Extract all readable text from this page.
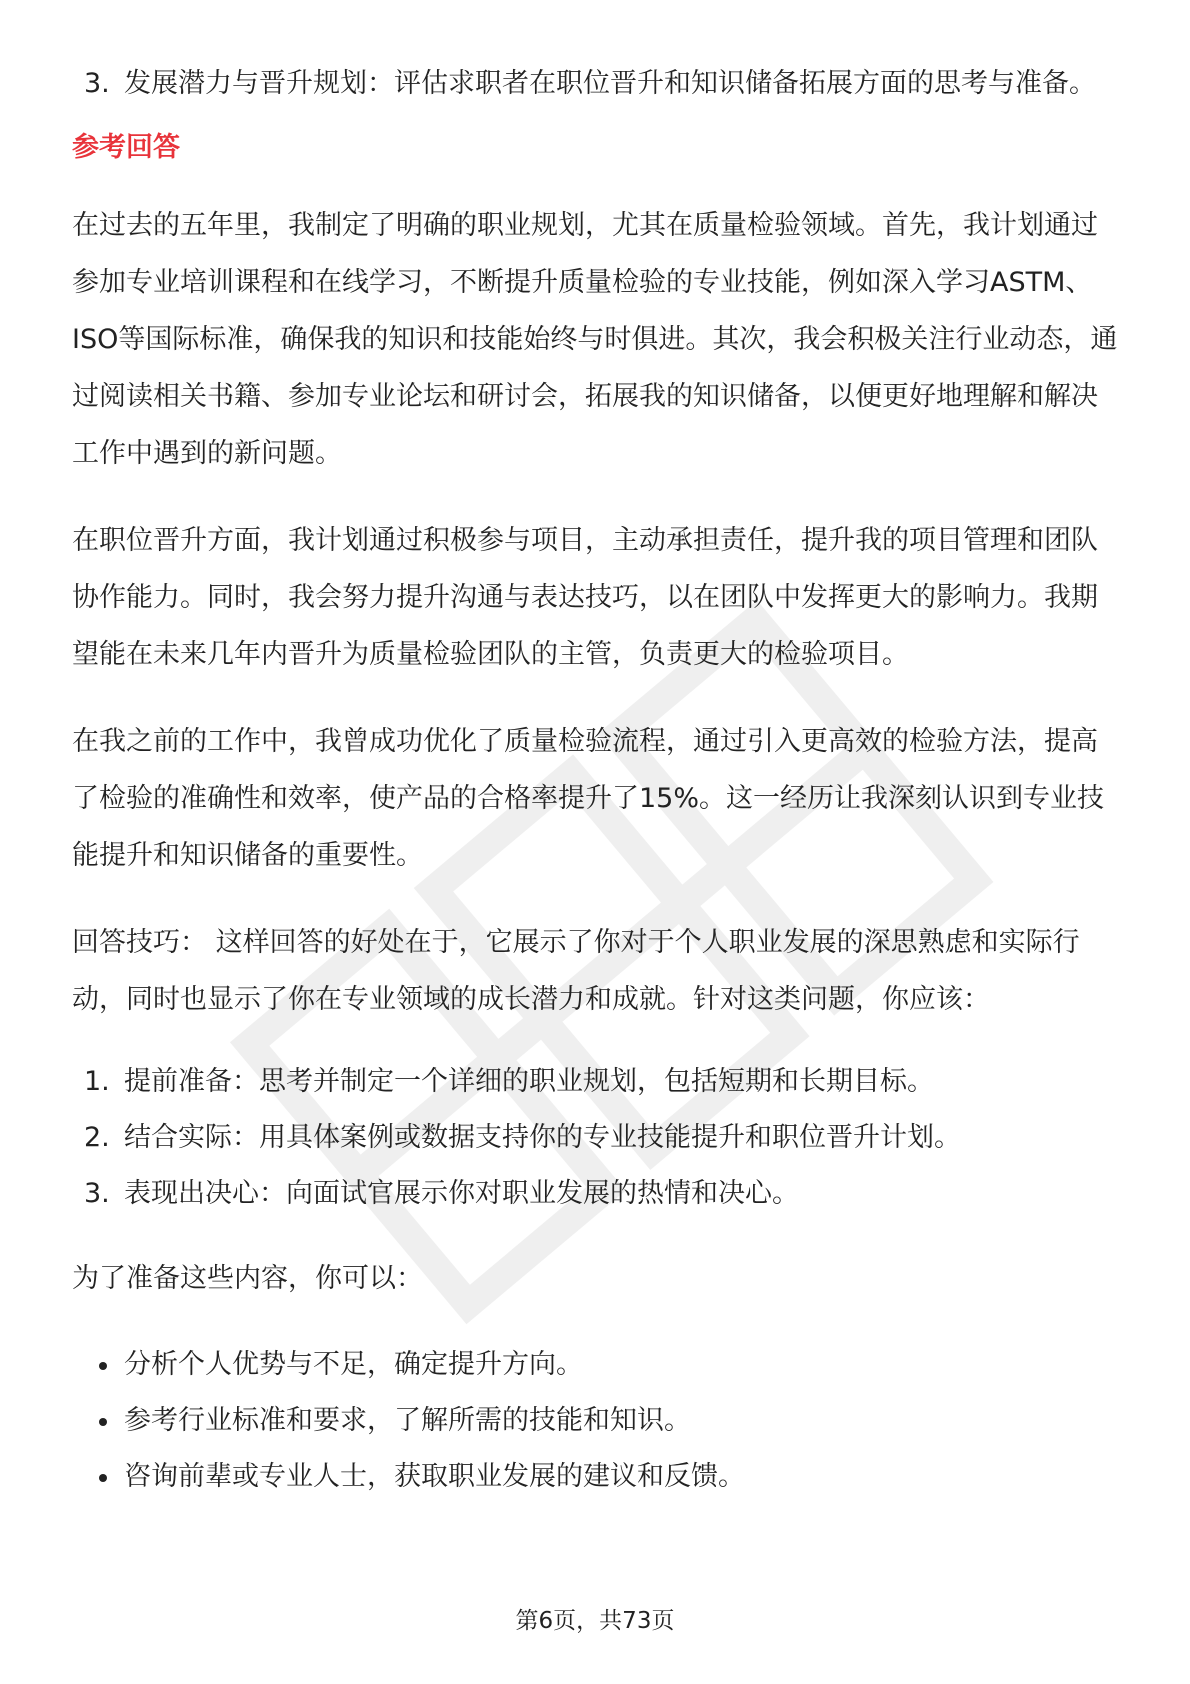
3. 发展潜力与晋升规划：评估求职者在职位晋升和知识储备拓展方面的思考与准备。
参考回答

在过去的五年里，我制定了明确的职业规划，尤其在质量检验领域。首先，我计划通过参加专业培训课程和在线学习，不断提升质量检验的专业技能，例如深入学习ASTM、ISO等国际标准，确保我的知识和技能始终与时俱进。其次，我会积极关注行业动态，通过阅读相关书籍、参加专业论坛和研讨会，拓展我的知识储备，以便更好地理解和解决工作中遇到的新问题。

在职位晋升方面，我计划通过积极参与项目，主动承担责任，提升我的项目管理和团队协作能力。同时，我会努力提升沟通与表达技巧，以在团队中发挥更大的影响力。我期望能在未来几年内晋升为质量检验团队的主管，负责更大的检验项目。

在我之前的工作中，我曾成功优化了质量检验流程，通过引入更高效的检验方法，提高了检验的准确性和效率，使产品的合格率提升了15%。这一经历让我深刻认识到专业技能提升和知识储备的重要性。

回答技巧： 这样回答的好处在于，它展示了你对于个人职业发展的深思熟虑和实际行动，同时也显示了你在专业领域的成长潜力和成就。针对这类问题，你应该：

1. 提前准备：思考并制定一个详细的职业规划，包括短期和长期目标。
2. 结合实际：用具体案例或数据支持你的专业技能提升和职位晋升计划。
3. 表现出决心：向面试官展示你对职业发展的热情和决心。

为了准备这些内容，你可以：

分析个人优势与不足，确定提升方向。
参考行业标准和要求，了解所需的技能和知识。
咨询前辈或专业人士，获取职业发展的建议和反馈。
第6页，共73页
